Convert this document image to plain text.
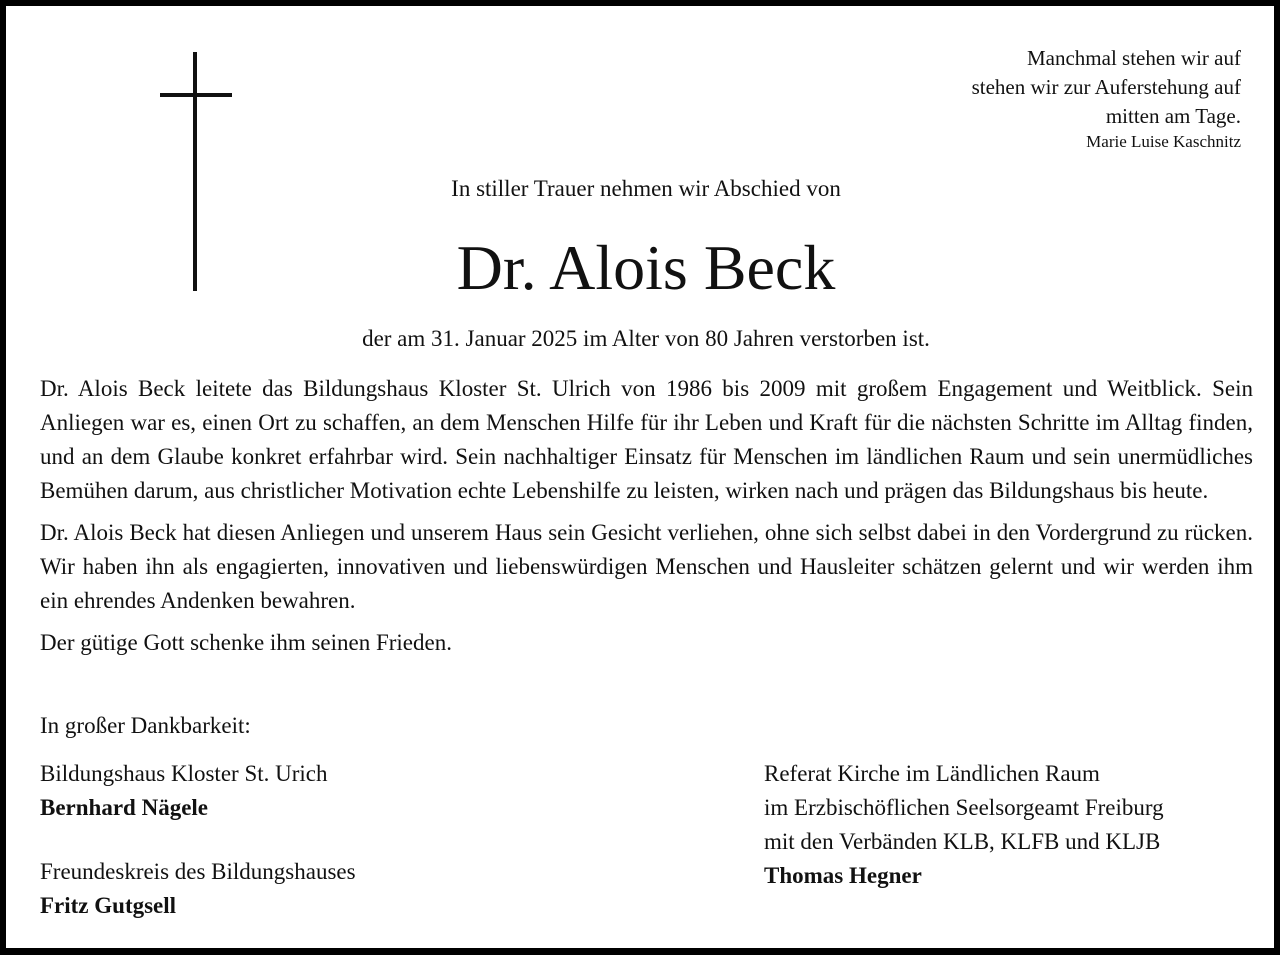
Manchmal stehen wir auf
stehen wir zur Auferstehung auf
mitten am Tage.
Marie Luise Kaschnitz
In stiller Trauer nehmen wir Abschied von
Dr. Alois Beck
der am 31. Januar 2025 im Alter von 80 Jahren verstorben ist.

Dr. Alois Beck leitete das Bildungshaus Kloster St. Ulrich von 1986 bis 2009 mit großem Engagement und Weitblick. Sein Anliegen war es, einen Ort zu schaffen, an dem Menschen Hilfe für ihr Leben und Kraft für die nächsten Schritte im Alltag finden, und an dem Glaube konkret erfahrbar wird. Sein nachhaltiger Einsatz für Menschen im ländlichen Raum und sein unermüdliches Bemühen darum, aus christlicher Motivation echte Lebenshilfe zu leisten, wirken nach und prägen das Bildungshaus bis heute.

Dr. Alois Beck hat diesen Anliegen und unserem Haus sein Gesicht verliehen, ohne sich selbst dabei in den Vordergrund zu rücken. Wir haben ihn als engagierten, innovativen und liebenswürdigen Menschen und Hausleiter schätzen gelernt und wir werden ihm ein ehrendes Andenken bewahren.

Der gütige Gott schenke ihm seinen Frieden.

In großer Dankbarkeit:
Bildungshaus Kloster St. Urich
Bernhard Nägele
Freundeskreis des Bildungshauses
Fritz Gutgsell
Referat Kirche im Ländlichen Raum
im Erzbischöflichen Seelsorgeamt Freiburg
mit den Verbänden KLB, KLFB und KLJB
Thomas Hegner
